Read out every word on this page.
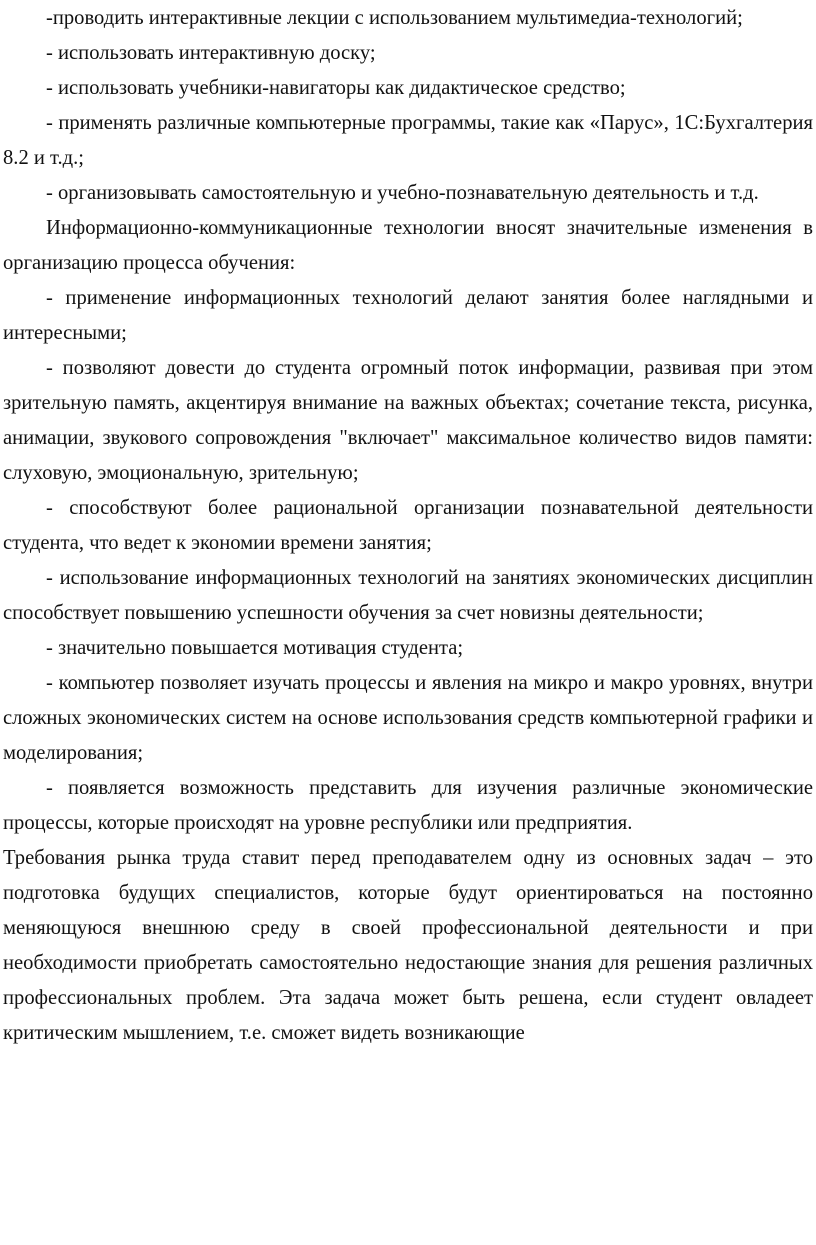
-проводить интерактивные лекции с использованием мультимедиа-технологий;

- использовать интерактивную доску;

- использовать учебники-навигаторы как дидактическое средство;

- применять различные компьютерные программы, такие как «Парус», 1С:Бухгалтерия 8.2 и т.д.;

- организовывать самостоятельную и учебно-познавательную деятельность и т.д.

Информационно-коммуникационные технологии вносят значительные изменения в организацию процесса обучения:

- применение информационных технологий делают занятия более наглядными и интересными;

- позволяют довести до студента огромный поток информации, развивая при этом зрительную память, акцентируя внимание на важных объектах; сочетание текста, рисунка, анимации, звукового сопровождения "включает" максимальное количество видов памяти: слуховую, эмоциональную, зрительную;

- способствуют более рациональной организации познавательной деятельности студента, что ведет к экономии времени занятия;

- использование информационных технологий на занятиях экономических дисциплин способствует повышению успешности обучения за счет новизны деятельности;

- значительно повышается мотивация студента;

- компьютер позволяет изучать процессы и явления на микро и макро уровнях, внутри сложных экономических систем на основе использования средств компьютерной графики и моделирования;

- появляется возможность представить для изучения различные экономические процессы, которые происходят на уровне республики или предприятия.

Требования рынка труда ставит перед преподавателем одну из основных задач – это подготовка будущих специалистов, которые будут ориентироваться на постоянно меняющуюся внешнюю среду в своей профессиональной деятельности и при необходимости приобретать самостоятельно недостающие знания для решения различных профессиональных проблем. Эта задача может быть решена, если студент овладеет критическим мышлением, т.е. сможет видеть возникающие
